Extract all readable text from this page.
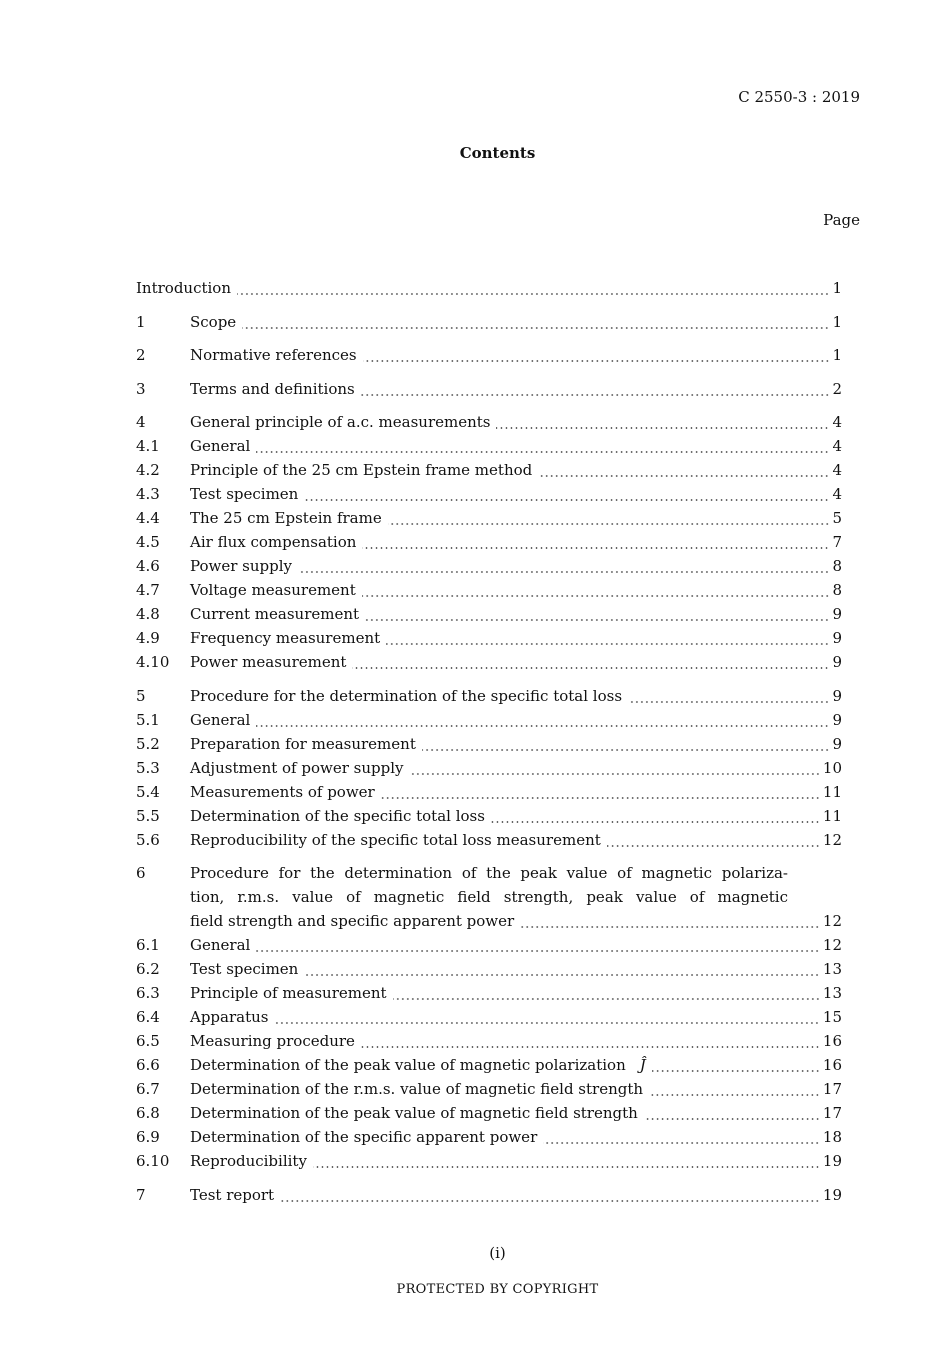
C 2550-3 : 2019
Contents
Page
Introduction	1
1	Scope	1
2	Normative references	1
3	Terms and definitions	2
4	General principle of a.c. measurements	4
4.1	General	4
4.2	Principle of the 25 cm Epstein frame method	4
4.3	Test specimen	4
4.4	The 25 cm Epstein frame	5
4.5	Air flux compensation	7
4.6	Power supply	8
4.7	Voltage measurement	8
4.8	Current measurement	9
4.9	Frequency measurement	9
4.10	Power measurement	9
5	Procedure for the determination of the specific total loss	9
5.1	General	9
5.2	Preparation for measurement	9
5.3	Adjustment of power supply	10
5.4	Measurements of power	11
5.5	Determination of the specific total loss	11
5.6	Reproducibility of the specific total loss measurement	12
6	Procedure for the determination of the peak value of magnetic polariza-
tion, r.m.s. value of magnetic field strength, peak value of magnetic
field strength and specific apparent power	12
6.1	General	12
6.2	Test specimen	13
6.3	Principle of measurement	13
6.4	Apparatus	15
6.5	Measuring procedure	16
6.6	Determination of the peak value of magnetic polarization Ĵ	16
6.7	Determination of the r.m.s. value of magnetic field strength	17
6.8	Determination of the peak value of magnetic field strength	17
6.9	Determination of the specific apparent power	18
6.10	Reproducibility	19
7	Test report	19
(i)
PROTECTED BY COPYRIGHT
